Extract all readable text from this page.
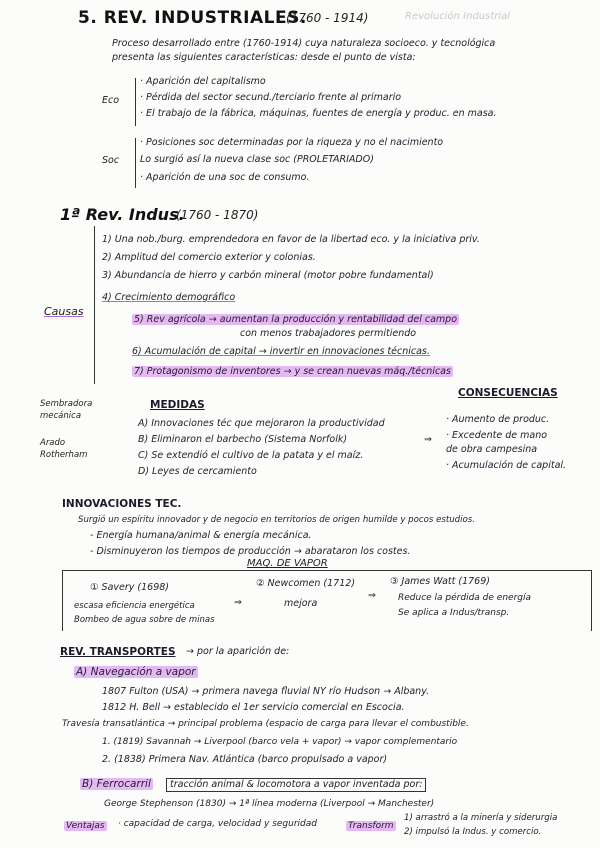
5. REV. INDUSTRIALES.
(1760 - 1914)	Revolución Industrial
Proceso desarrollado entre (1760-1914) cuya naturaleza socioeco. y tecnológica
presenta las siguientes características: desde el punto de vista:
Eco
· Aparición del capitalismo
· Pérdida del sector secund./terciario frente al primario
· El trabajo de la fábrica, máquinas, fuentes de energía y produc. en masa.
Soc
· Posiciones soc determinadas por la riqueza y no el nacimiento
Lo surgió así la nueva clase soc (PROLETARIADO)
· Aparición de una soc de consumo.
1ª Rev. Indus.
(1760 - 1870)
Causas
1) Una nob./burg. emprendedora en favor de la libertad eco. y la iniciativa priv.
2) Amplitud del comercio exterior y colonias.
3) Abundancia de hierro y carbón mineral (motor pobre fundamental)
4) Crecimiento demográfico
5) Rev agrícola → aumentan la producción y rentabilidad del campo
con menos trabajadores permitiendo
6) Acumulación de capital → invertir en innovaciones técnicas.
7) Protagonismo de inventores → y se crean nuevas máq./técnicas
Sembradora mecánica
Arado Rotherham
MEDIDAS
A) Innovaciones téc que mejoraron la productividad
B) Eliminaron el barbecho (Sistema Norfolk)
C) Se extendió el cultivo de la patata y el maíz.
D) Leyes de cercamiento
⇒
CONSECUENCIAS
· Aumento de produc.
· Excedente de mano
de obra campesina
· Acumulación de capital.
INNOVACIONES TEC.
Surgió un espíritu innovador y de negocio en territorios de origen humilde y pocos estudios.
- Energía humana/animal & energía mecánica.
- Disminuyeron los tiempos de producción → abarataron los costes.
MAQ. DE VAPOR
① Savery (1698)
escasa eficiencia energética
Bombeo de agua sobre de minas
⇒
② Newcomen (1712)
mejora
⇒
③ James Watt (1769)
Reduce la pérdida de energía
Se aplica a Indus/transp.
REV. TRANSPORTES → por la aparición de:
A) Navegación a vapor
1807 Fulton (USA) → primera navega fluvial NY río Hudson → Albany.
1812 H. Bell → establecido el 1er servicio comercial en Escocia.
Travesía transatlántica → principal problema (espacio de carga para llevar el combustible.
1. (1819) Savannah → Liverpool (barco vela + vapor) → vapor complementario
2. (1838) Primera Nav. Atlántica (barco propulsado a vapor)
B) Ferrocarril	tracción animal & locomotora a vapor inventada por:
George Stephenson (1830) → 1ª línea moderna (Liverpool → Manchester)
Ventajas · capacidad de carga, velocidad y seguridad	Transform
1) arrastró a la minería y siderurgia
2) impulsó la Indus. y comercio.
